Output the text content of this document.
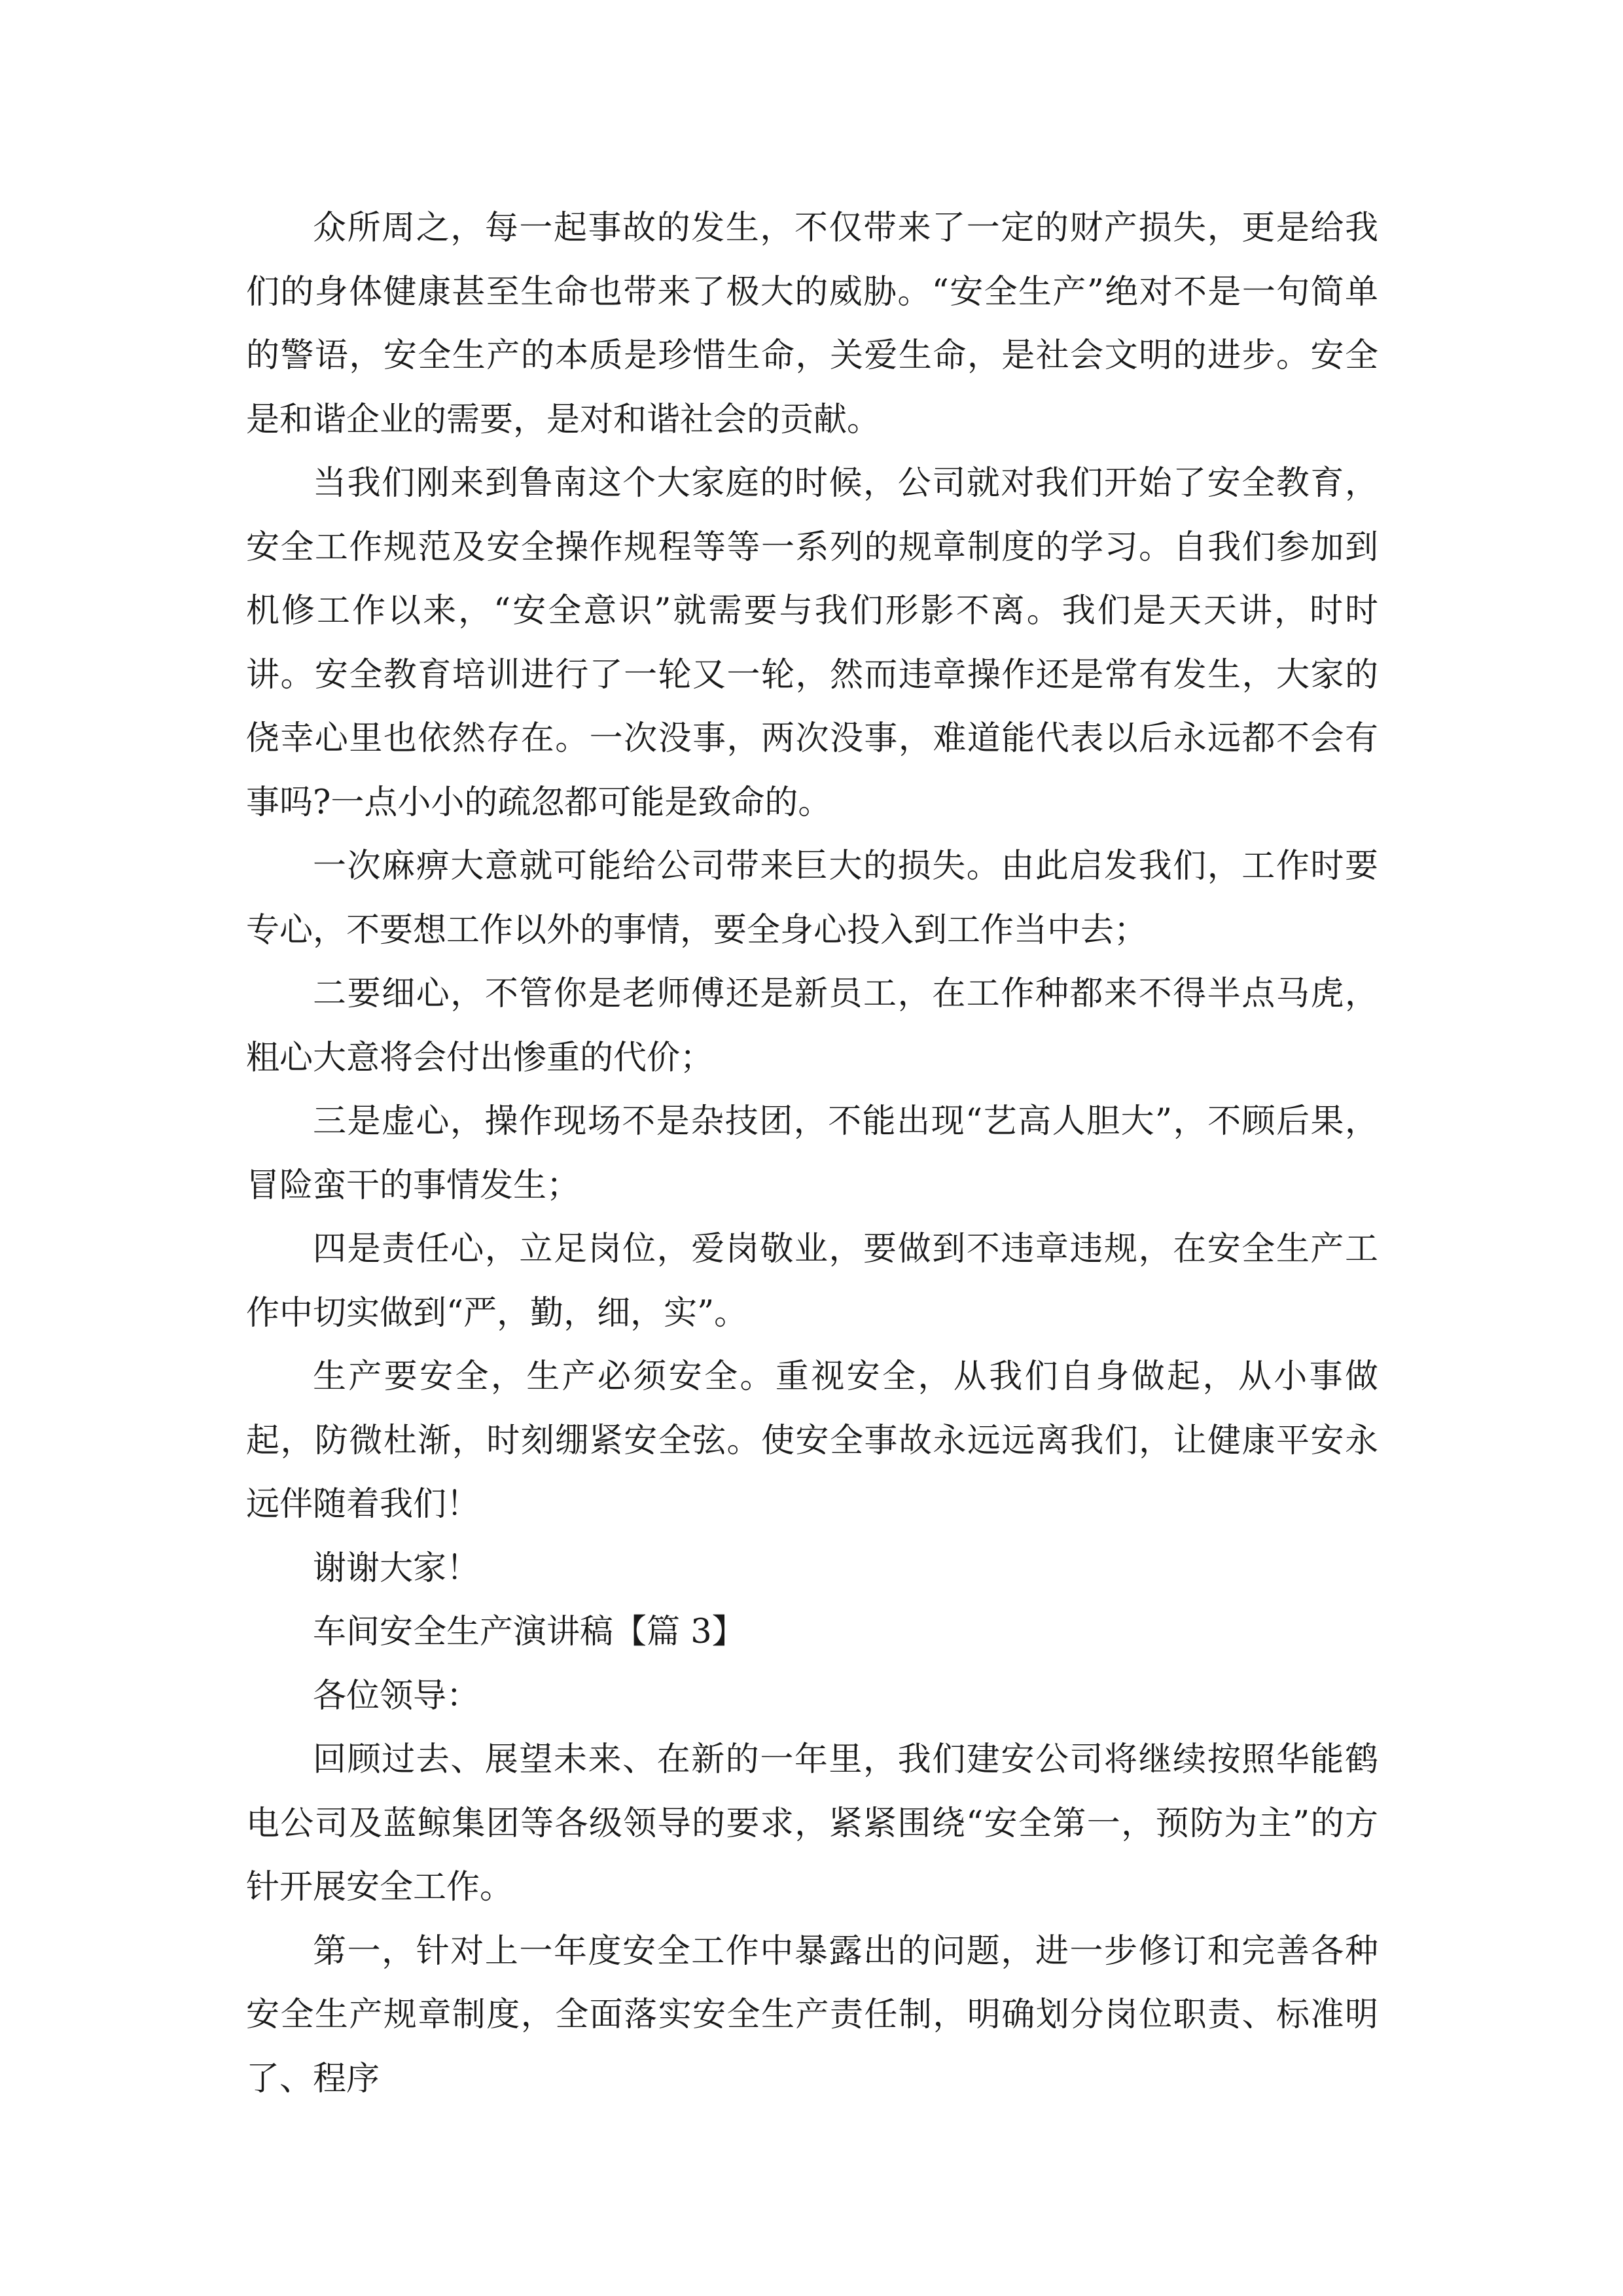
众所周之，每一起事故的发生，不仅带来了一定的财产损失，更是给我们的身体健康甚至生命也带来了极大的威胁。“安全生产”绝对不是一句简单的警语，安全生产的本质是珍惜生命，关爱生命，是社会文明的进步。安全是和谐企业的需要，是对和谐社会的贡献。

当我们刚来到鲁南这个大家庭的时候，公司就对我们开始了安全教育，安全工作规范及安全操作规程等等一系列的规章制度的学习。自我们参加到机修工作以来，“安全意识”就需要与我们形影不离。我们是天天讲，时时讲。安全教育培训进行了一轮又一轮，然而违章操作还是常有发生，大家的侥幸心里也依然存在。一次没事，两次没事，难道能代表以后永远都不会有事吗?一点小小的疏忽都可能是致命的。

一次麻痹大意就可能给公司带来巨大的损失。由此启发我们，工作时要专心，不要想工作以外的事情，要全身心投入到工作当中去；

二要细心，不管你是老师傅还是新员工，在工作种都来不得半点马虎，粗心大意将会付出惨重的代价；

三是虚心，操作现场不是杂技团，不能出现“艺高人胆大”，不顾后果，冒险蛮干的事情发生；

四是责任心，立足岗位，爱岗敬业，要做到不违章违规，在安全生产工作中切实做到“严，勤，细，实”。

生产要安全，生产必须安全。重视安全，从我们自身做起，从小事做起，防微杜渐，时刻绷紧安全弦。使安全事故永远远离我们，让健康平安永远伴随着我们！

谢谢大家！

车间安全生产演讲稿【篇 3】

各位领导：

回顾过去、展望未来、在新的一年里，我们建安公司将继续按照华能鹤电公司及蓝鲸集团等各级领导的要求，紧紧围绕“安全第一，预防为主”的方针开展安全工作。

第一，针对上一年度安全工作中暴露出的问题，进一步修订和完善各种安全生产规章制度，全面落实安全生产责任制，明确划分岗位职责、标准明了、程序
